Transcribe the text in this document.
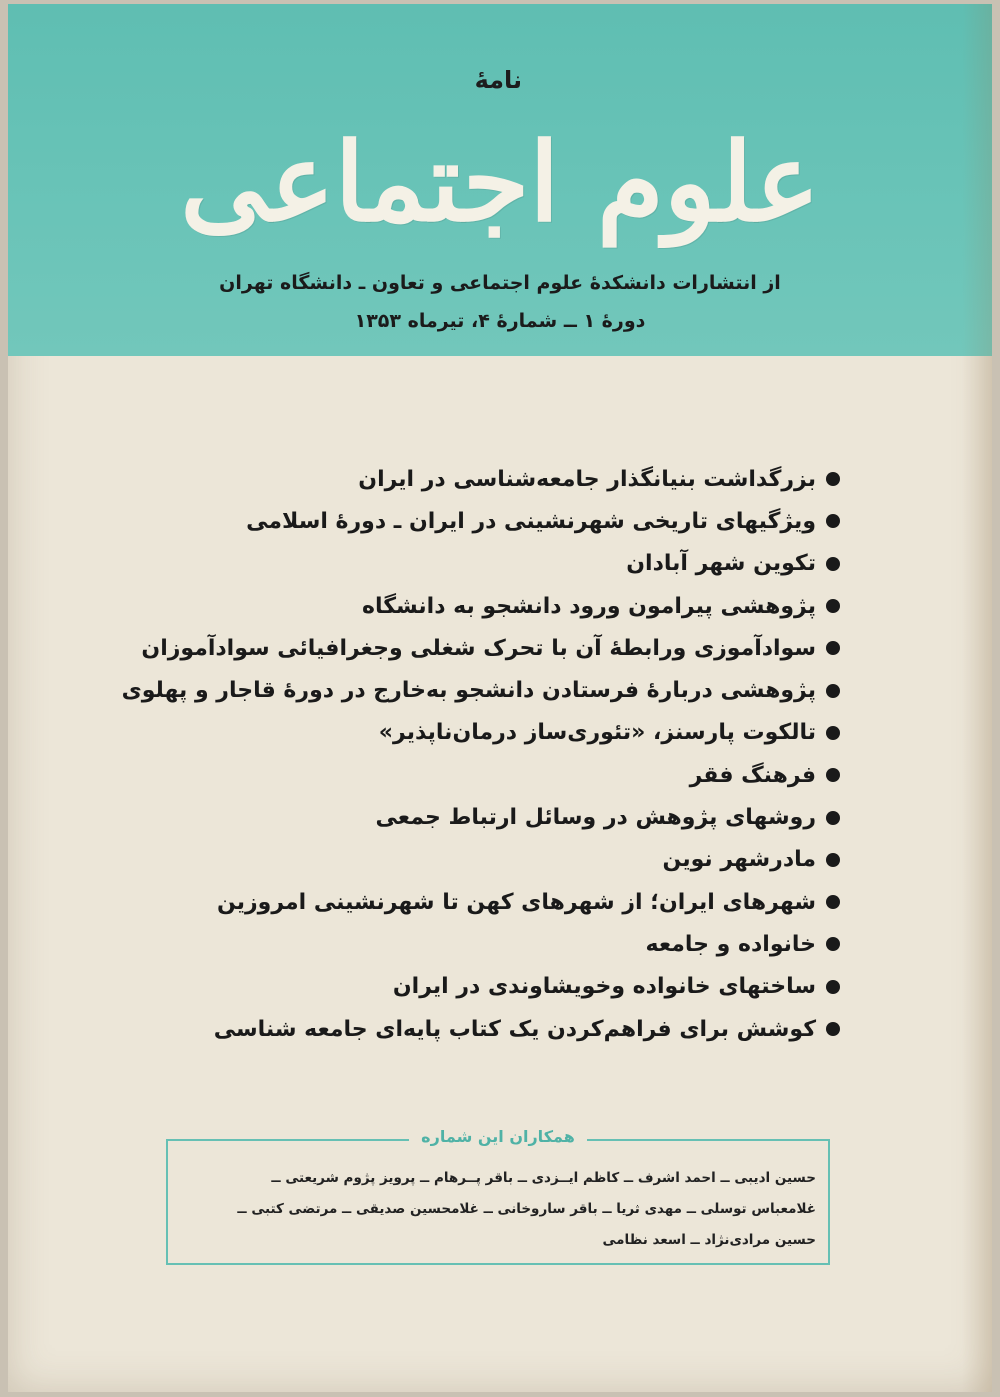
نامهٔ
علوم اجتماعی
از انتشارات دانشکدهٔ علوم اجتماعی و تعاون ـ دانشگاه تهران
دورهٔ ۱ ــ شمارهٔ ۴، تیرماه ۱۳۵۳
بزرگداشت بنیانگذار جامعه‌شناسی در ایران
ویژگیهای تاریخی شهرنشینی در ایران ـ دورهٔ اسلامی
تکوین شهر آبادان
پژوهشی پیرامون ورود دانشجو به دانشگاه
سوادآموزی ورابطهٔ آن با تحرک شغلی وجغرافیائی سوادآموزان
پژوهشی دربارهٔ فرستادن دانشجو به‌خارج در دورهٔ قاجار و پهلوی
تالکوت پارسنز، «تئوری‌ساز درمان‌ناپذیر»
فرهنگ فقر
روشهای پژوهش در وسائل ارتباط جمعی
مادرشهر نوین
شهرهای ایران؛ از شهرهای کهن تا شهرنشینی امروزین
خانواده و جامعه
ساختهای خانواده وخویشاوندی در ایران
کوشش برای فراهم‌کردن یک کتاب پایه‌ای جامعه شناسی
همکاران این شماره
حسین ادیبی ــ احمد اشرف ــ کاظم ایــزدی ــ باقر پــرهام ــ پرویز پژوم شریعتی ــ
غلامعباس توسلی ــ مهدی ثریا ــ باقر ساروخانی ــ غلامحسین صدیقی ــ مرتضی کتبی ــ
حسین مرادی‌نژاد ــ اسعد نظامی
